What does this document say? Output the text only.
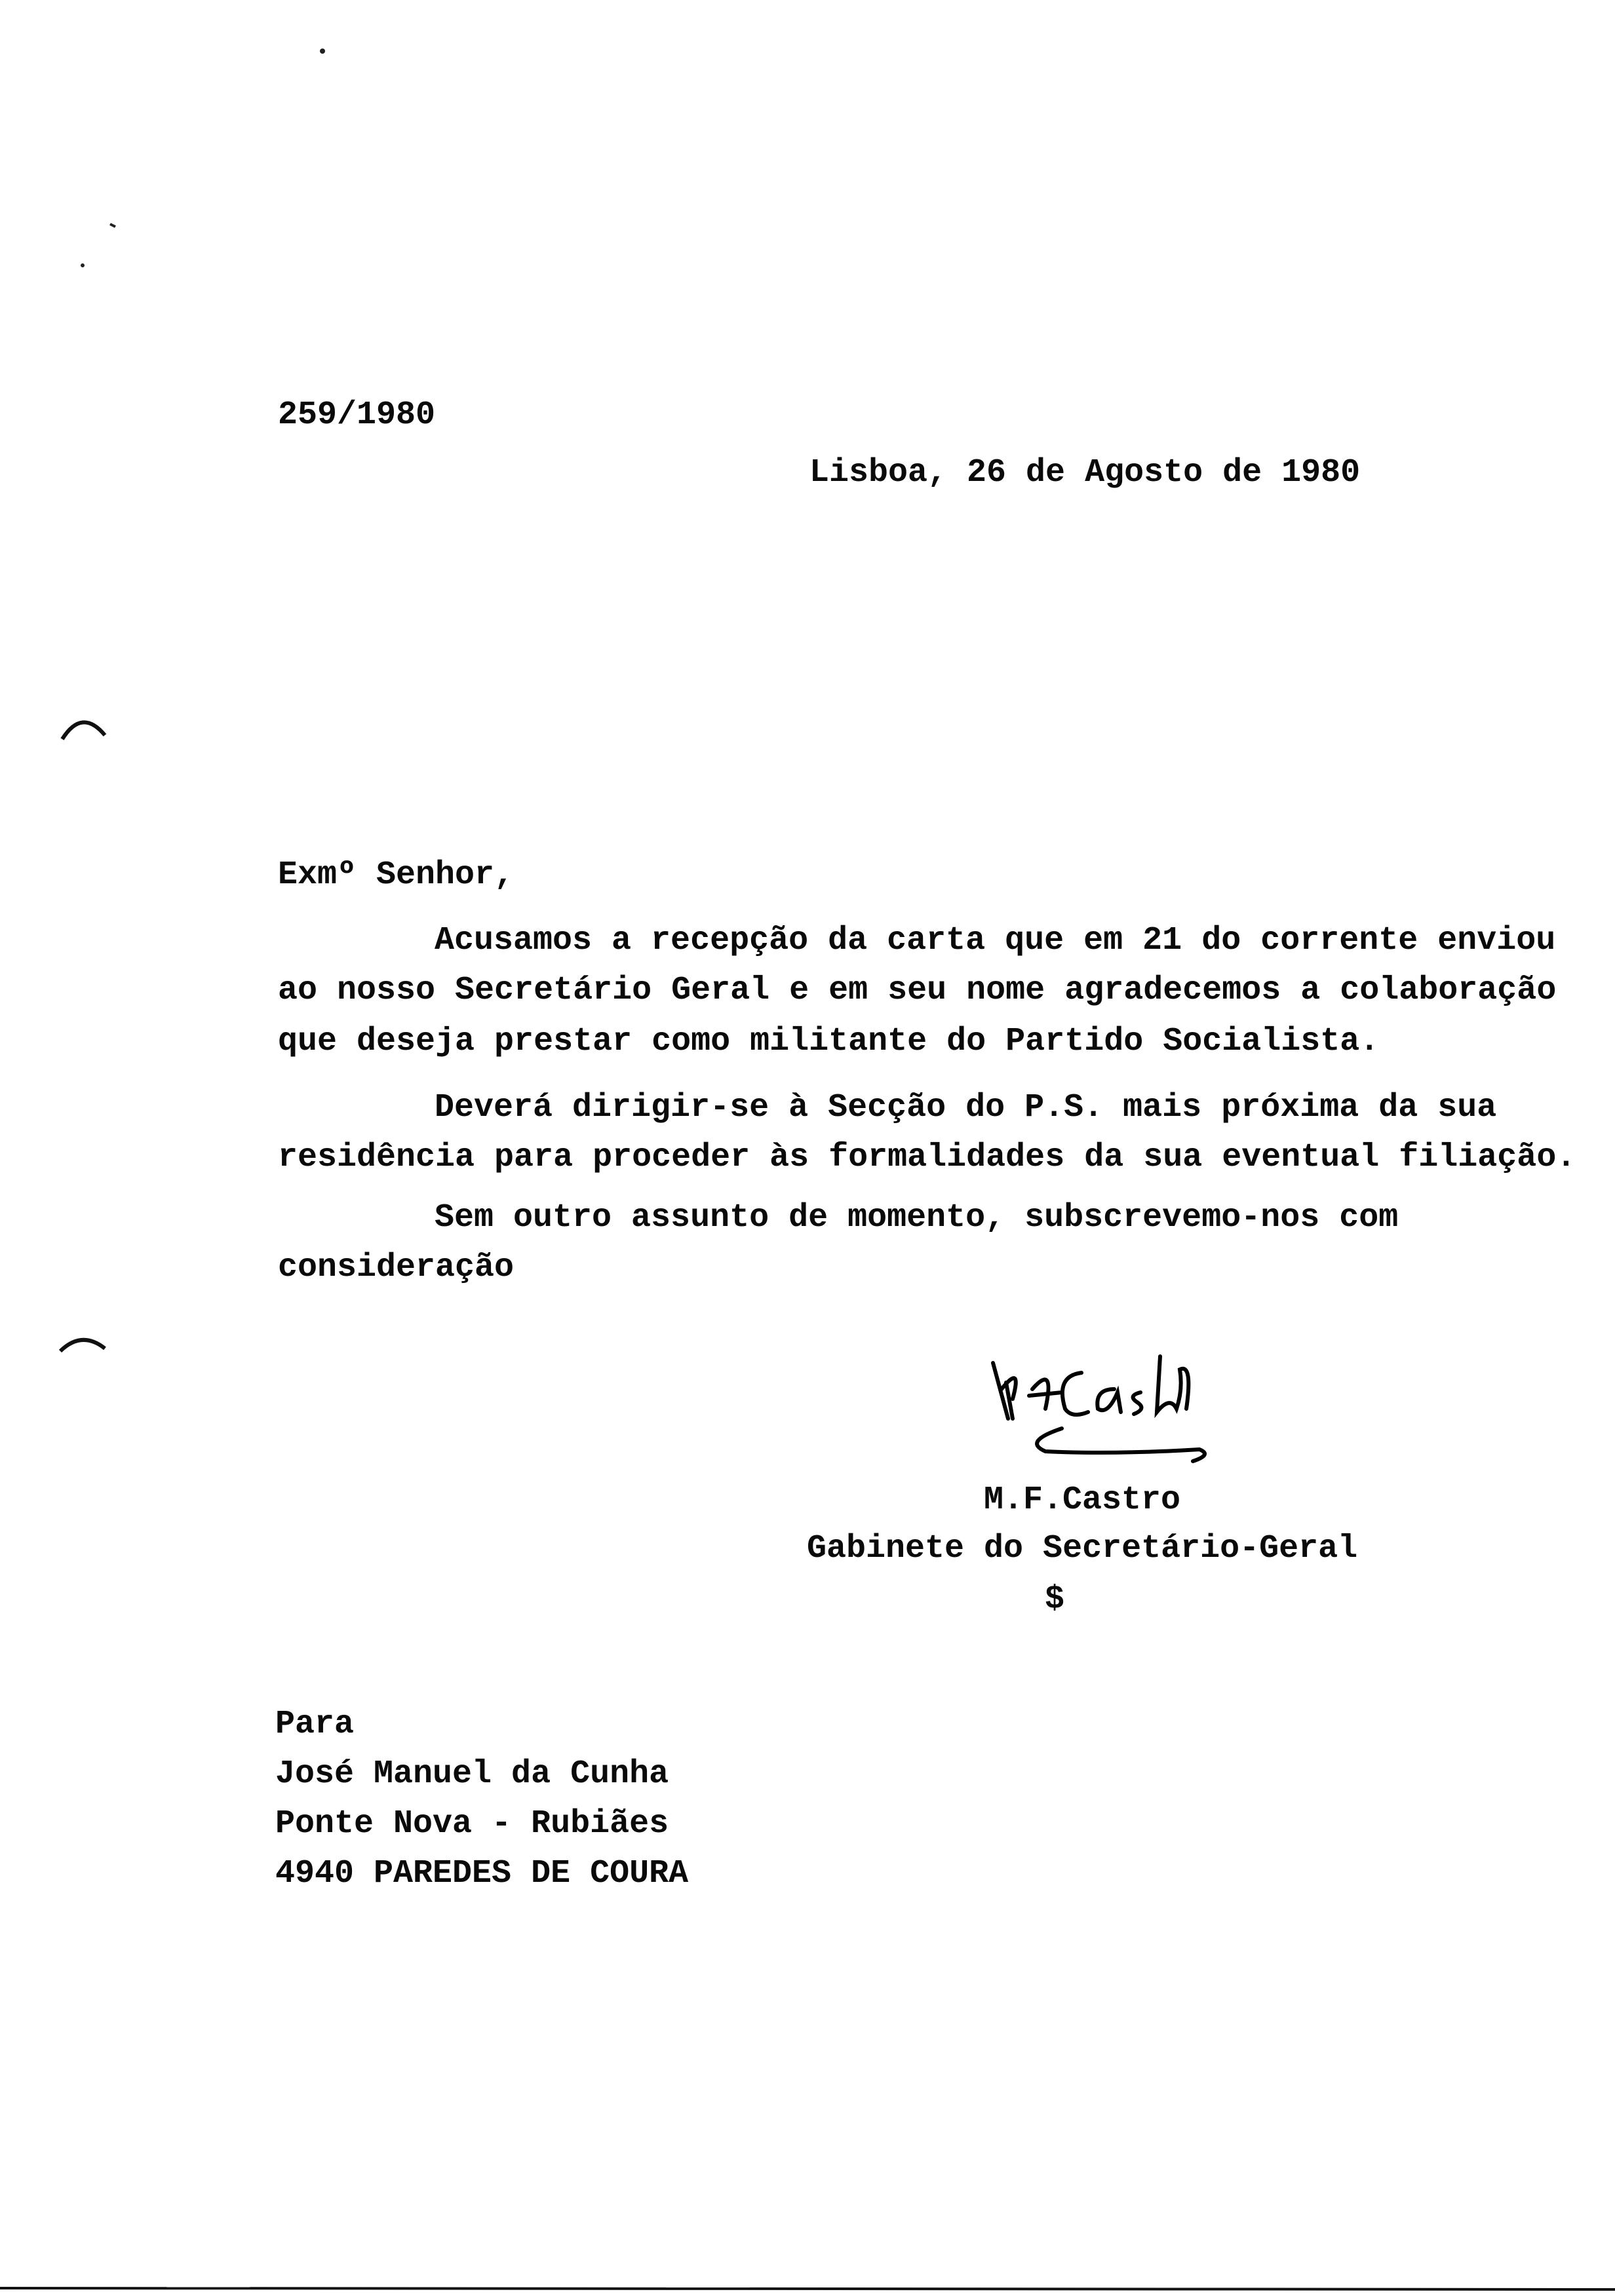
259/1980
Lisboa, 26 de Agosto de 1980
Exmº Senhor,
Acusamos a recepção da carta que em 21 do corrente enviou
ao nosso Secretário Geral e em seu nome agradecemos a colaboração
que deseja prestar como militante do Partido Socialista.
Deverá dirigir-se à Secção do P.S. mais próxima da sua
residência para proceder às formalidades da sua eventual filiação.
Sem outro assunto de momento, subscrevemo-nos com
consideração
M.F.Castro
Gabinete do Secretário-Geral
$
Para
José Manuel da Cunha
Ponte Nova - Rubiães
4940 PAREDES DE COURA
